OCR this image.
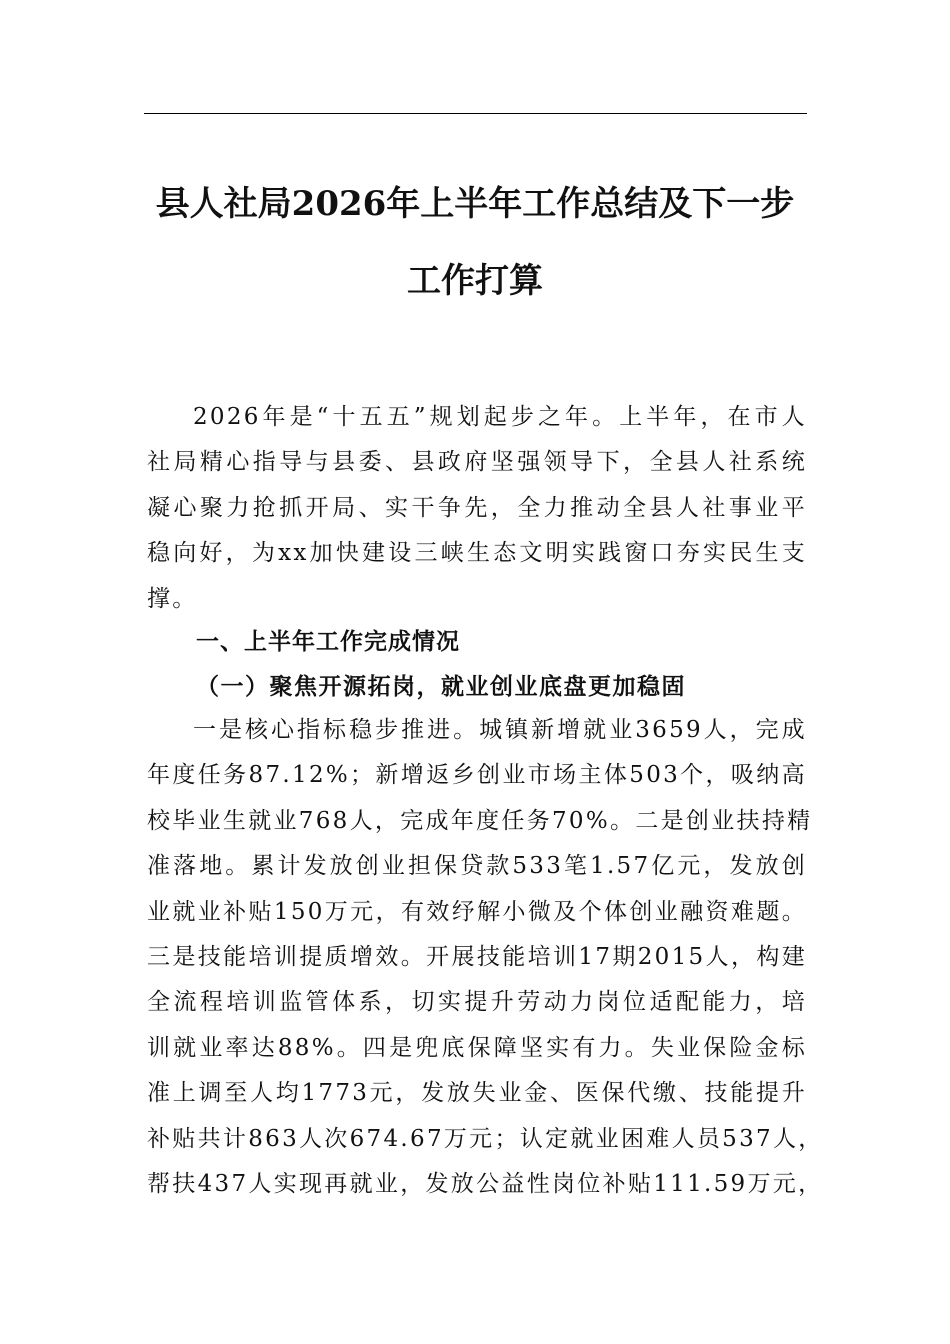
县人社局2026年上半年工作总结及下一步
工作打算

2026年是“十五五”规划起步之年。上半年，在市人
社局精心指导与县委、县政府坚强领导下，全县人社系统
凝心聚力抢抓开局、实干争先，全力推动全县人社事业平
稳向好，为xx加快建设三峡生态文明实践窗口夯实民生支
撑。

一、上半年工作完成情况
（一）聚焦开源拓岗，就业创业底盘更加稳固

一是核心指标稳步推进。城镇新增就业3659人，完成
年度任务87.12%；新增返乡创业市场主体503个，吸纳高
校毕业生就业768人，完成年度任务70%。二是创业扶持精
准落地。累计发放创业担保贷款533笔1.57亿元，发放创
业就业补贴150万元，有效纾解小微及个体创业融资难题。
三是技能培训提质增效。开展技能培训17期2015人，构建
全流程培训监管体系，切实提升劳动力岗位适配能力，培
训就业率达88%。四是兜底保障坚实有力。失业保险金标
准上调至人均1773元，发放失业金、医保代缴、技能提升
补贴共计863人次674.67万元；认定就业困难人员537人，
帮扶437人实现再就业，发放公益性岗位补贴111.59万元，
